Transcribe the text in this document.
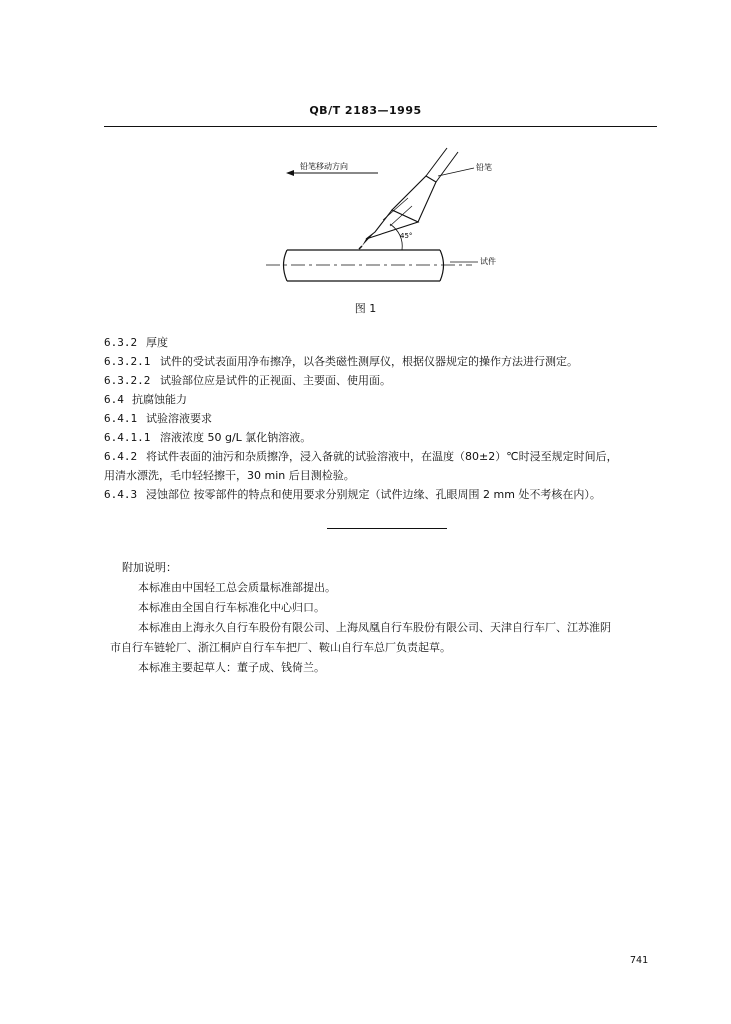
QB/T 2183—1995
铅笔移动方向
试件
铅笔
45°
图 1
6.3.2 厚度
6.3.2.1 试件的受试表面用净布擦净，以各类磁性测厚仪，根据仪器规定的操作方法进行测定。
6.3.2.2 试验部位应是试件的正视面、主要面、使用面。
6.4 抗腐蚀能力
6.4.1 试验溶液要求
6.4.1.1 溶液浓度 50 g/L 氯化钠溶液。
6.4.2 将试件表面的油污和杂质擦净，浸入备就的试验溶液中，在温度（80±2）℃时浸至规定时间后，
用清水漂洗，毛巾轻轻擦干，30 min 后目测检验。
6.4.3 浸蚀部位 按零部件的特点和使用要求分别规定（试件边缘、孔眼周围 2 mm 处不考核在内）。
附加说明：
本标准由中国轻工总会质量标准部提出。
本标准由全国自行车标准化中心归口。
本标准由上海永久自行车股份有限公司、上海凤凰自行车股份有限公司、天津自行车厂、江苏淮阴
市自行车链轮厂、浙江桐庐自行车车把厂、鞍山自行车总厂负责起草。
本标准主要起草人：董子成、钱倚兰。
741
